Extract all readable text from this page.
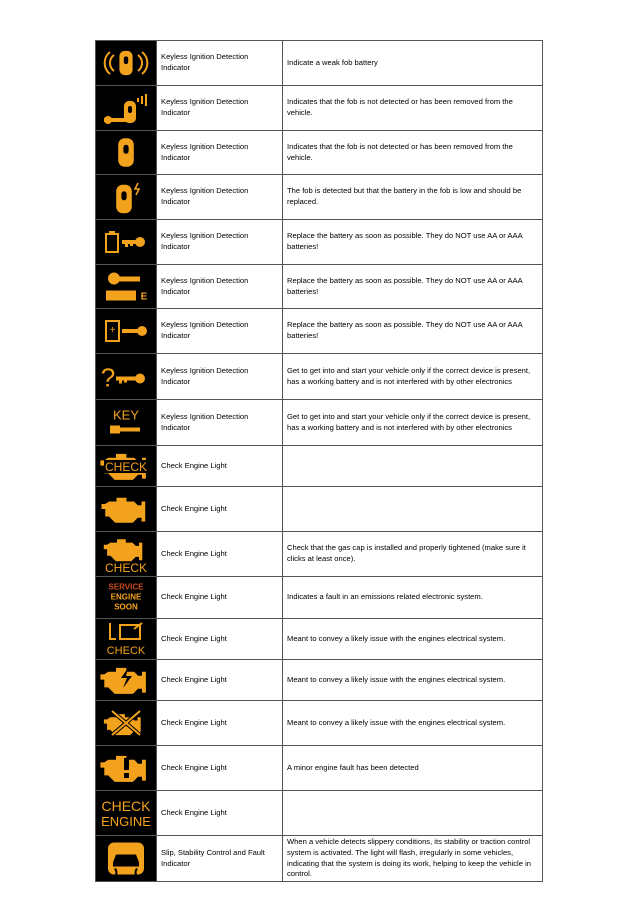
	Keyless Ignition Detection Indicator	Indicate a weak fob battery

	Keyless Ignition Detection Indicator	Indicates that the fob is not detected or has been removed from the vehicle.

	Keyless Ignition Detection Indicator	Indicates that the fob is not detected or has been removed from the vehicle.

	Keyless Ignition Detection Indicator	The fob is detected but that the battery in the fob is low and should be replaced.

	Keyless Ignition Detection Indicator	Replace the battery as soon as possible. They do NOT use AA or AAA batteries!

E	Keyless Ignition Detection Indicator	Replace the battery as soon as possible. They do NOT use AA or AAA batteries!

+	Keyless Ignition Detection Indicator	Replace the battery as soon as possible. They do NOT use AA or AAA batteries!

?	Keyless Ignition Detection Indicator	Get to get into and start your vehicle only if the correct device is present, has a working battery and is not interfered with by other electronics

KEY	Keyless Ignition Detection Indicator	Get to get into and start your vehicle only if the correct device is present, has a working battery and is not interfered with by other electronics

CHECK	Check Engine Light	

	Check Engine Light	

CHECK	Check Engine Light	Check that the gas cap is installed and properly tightened (make sure it clicks at least once).

SERVICE
ENGINE
SOON	Check Engine Light	Indicates a fault in an emissions related electronic system.

CHECK	Check Engine Light	Meant to convey a likely issue with the engines electrical system.

	Check Engine Light	Meant to convey a likely issue with the engines electrical system.

	Check Engine Light	Meant to convey a likely issue with the engines electrical system.

	Check Engine Light	A minor engine fault has been detected

CHECK
ENGINE	Check Engine Light	

	Slip, Stability Control and Fault Indicator	When a vehicle detects slippery conditions, its stability or traction control system is activated. The light will flash, irregularly in some vehicles, indicating that the system is doing its work, helping to keep the vehicle in control.
